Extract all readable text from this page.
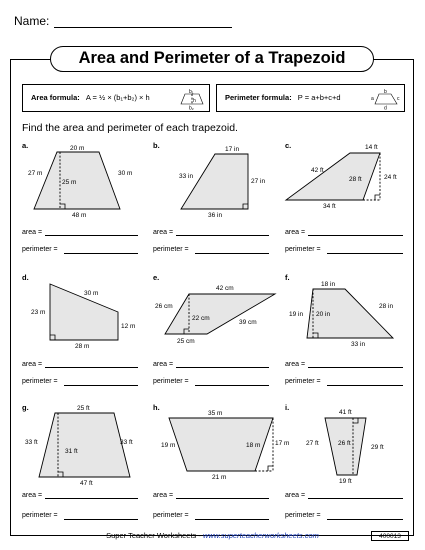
Name:
Area and Perimeter of a Trapezoid
Area formula: A = ½ × (b₁+b₂) × h
b₁
h
b₂
Perimeter formula: P = a+b+c+d	a
b
c
d
Find the area and perimeter of each trapezoid.
a.	20 m
27 m
25 m
30 m
48 m
b.	17 in
33 in
27 in
36 in
c.	14 ft
42 ft
28 ft	24 ft
34 ft
area =
perimeter =
area =
perimeter =
area =
perimeter =
d.
30 m
23 m
12 m
28 m
e.
42 cm
26 cm
22 cm
39 cm
25 cm
f.
18 in
19 in 20 in
28 in
33 in
area =
perimeter =
area =
perimeter =
area =
perimeter =
g.	25 ft
33 ft
31 ft
33 ft
47 ft
h.
35 m
19 m	18 m 17 m
21 m
i.
41 ft
27 ft	26 ft
29 ft
19 ft
area =
perimeter =
area =
perimeter =
area =
perimeter =
Super Teacher Worksheets - www.superteacherworksheets.com	400013
